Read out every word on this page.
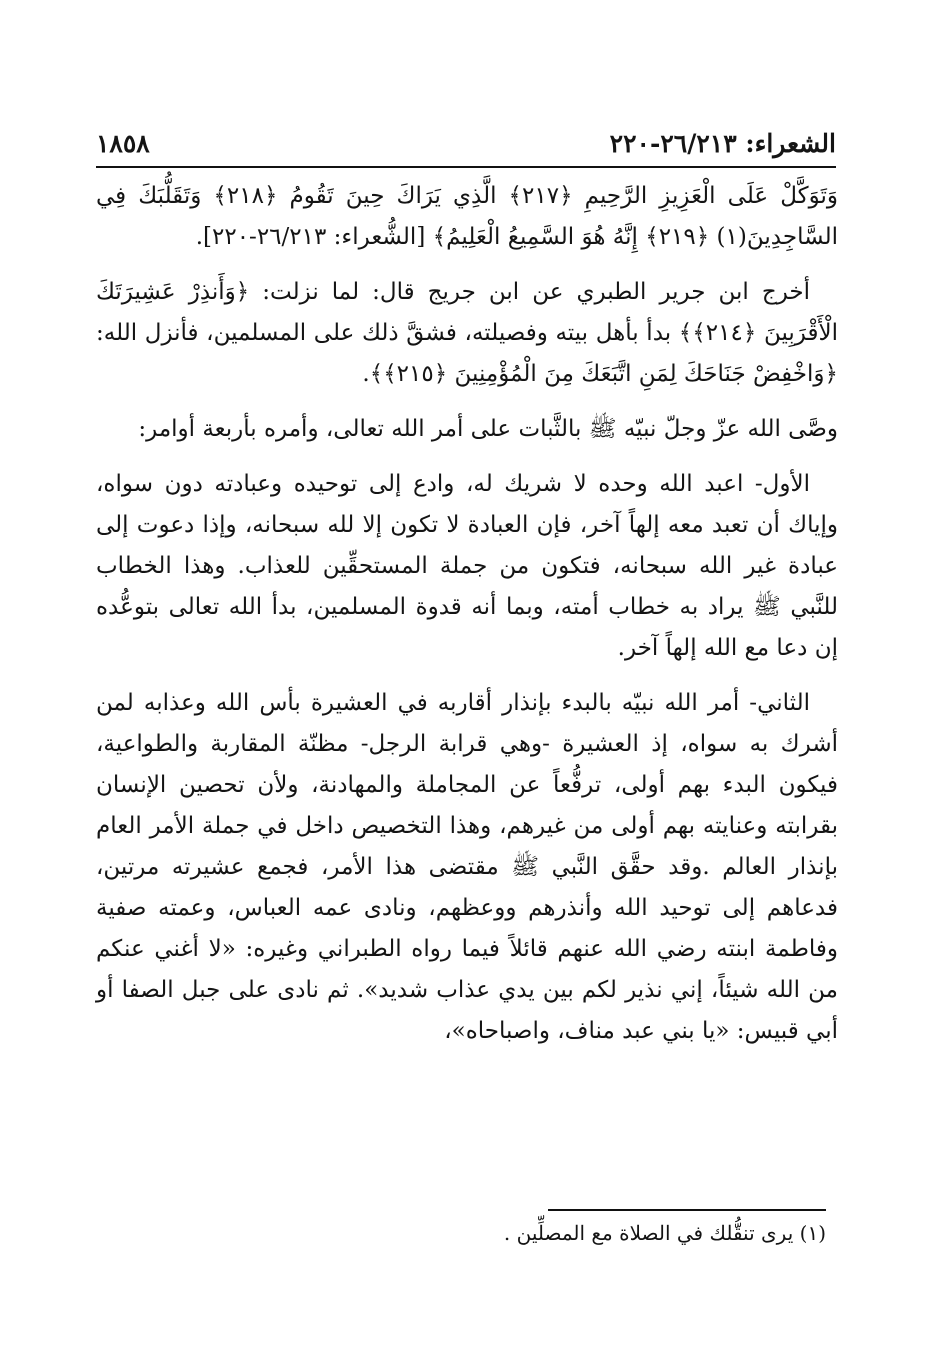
١٨٥٨	الشعراء: ٢٦/٢١٣-٢٢٠

وَتَوَكَّلْ عَلَى الْعَزِيزِ الرَّحِيمِ ﴿٢١٧﴾ الَّذِي يَرَاكَ حِينَ تَقُومُ ﴿٢١٨﴾ وَتَقَلُّبَكَ فِي السَّاجِدِينَ(١) ﴿٢١٩﴾ إِنَّهُ هُوَ السَّمِيعُ الْعَلِيمُ﴾ [الشُّعراء: ٢٦/٢١٣-٢٢٠].

أخرج ابن جرير الطبري عن ابن جريج قال: لما نزلت: ﴿وَأَنذِرْ عَشِيرَتَكَ الْأَقْرَبِينَ ﴿٢١٤﴾﴾ بدأ بأهل بيته وفصيلته، فشقَّ ذلك على المسلمين، فأنزل الله: ﴿وَاخْفِضْ جَنَاحَكَ لِمَنِ اتَّبَعَكَ مِنَ الْمُؤْمِنِينَ ﴿٢١٥﴾﴾.

وصَّى الله عزّ وجلّ نبيّه ﷺ بالثَّبات على أمر الله تعالى، وأمره بأربعة أوامر:

الأول- اعبد الله وحده لا شريك له، وادع إلى توحيده وعبادته دون سواه، وإياك أن تعبد معه إلهاً آخر، فإن العبادة لا تكون إلا لله سبحانه، وإذا دعوت إلى عبادة غير الله سبحانه، فتكون من جملة المستحقِّين للعذاب. وهذا الخطاب للنَّبي ﷺ يراد به خطاب أمته، وبما أنه قدوة المسلمين، بدأ الله تعالى بتوعُّده إن دعا مع الله إلهاً آخر.

الثاني- أمر الله نبيّه بالبدء بإنذار أقاربه في العشيرة بأس الله وعذابه لمن أشرك به سواه، إذ العشيرة -وهي قرابة الرجل- مظنّة المقاربة والطواعية، فيكون البدء بهم أولى، ترفُّعاً عن المجاملة والمهادنة، ولأن تحصين الإنسان بقرابته وعنايته بهم أولى من غيرهم، وهذا التخصيص داخل في جملة الأمر العام بإنذار العالم .وقد حقَّق النَّبي ﷺ مقتضى هذا الأمر، فجمع عشيرته مرتين، فدعاهم إلى توحيد الله وأنذرهم ووعظهم، ونادى عمه العباس، وعمته صفية وفاطمة ابنته رضي الله عنهم قائلاً فيما رواه الطبراني وغيره: «لا أغني عنكم من الله شيئاً، إني نذير لكم بين يدي عذاب شديد». ثم نادى على جبل الصفا أو أبي قبيس: «يا بني عبد مناف، واصباحاه»،

(١) يرى تنقُّلك في الصلاة مع المصلِّين .
